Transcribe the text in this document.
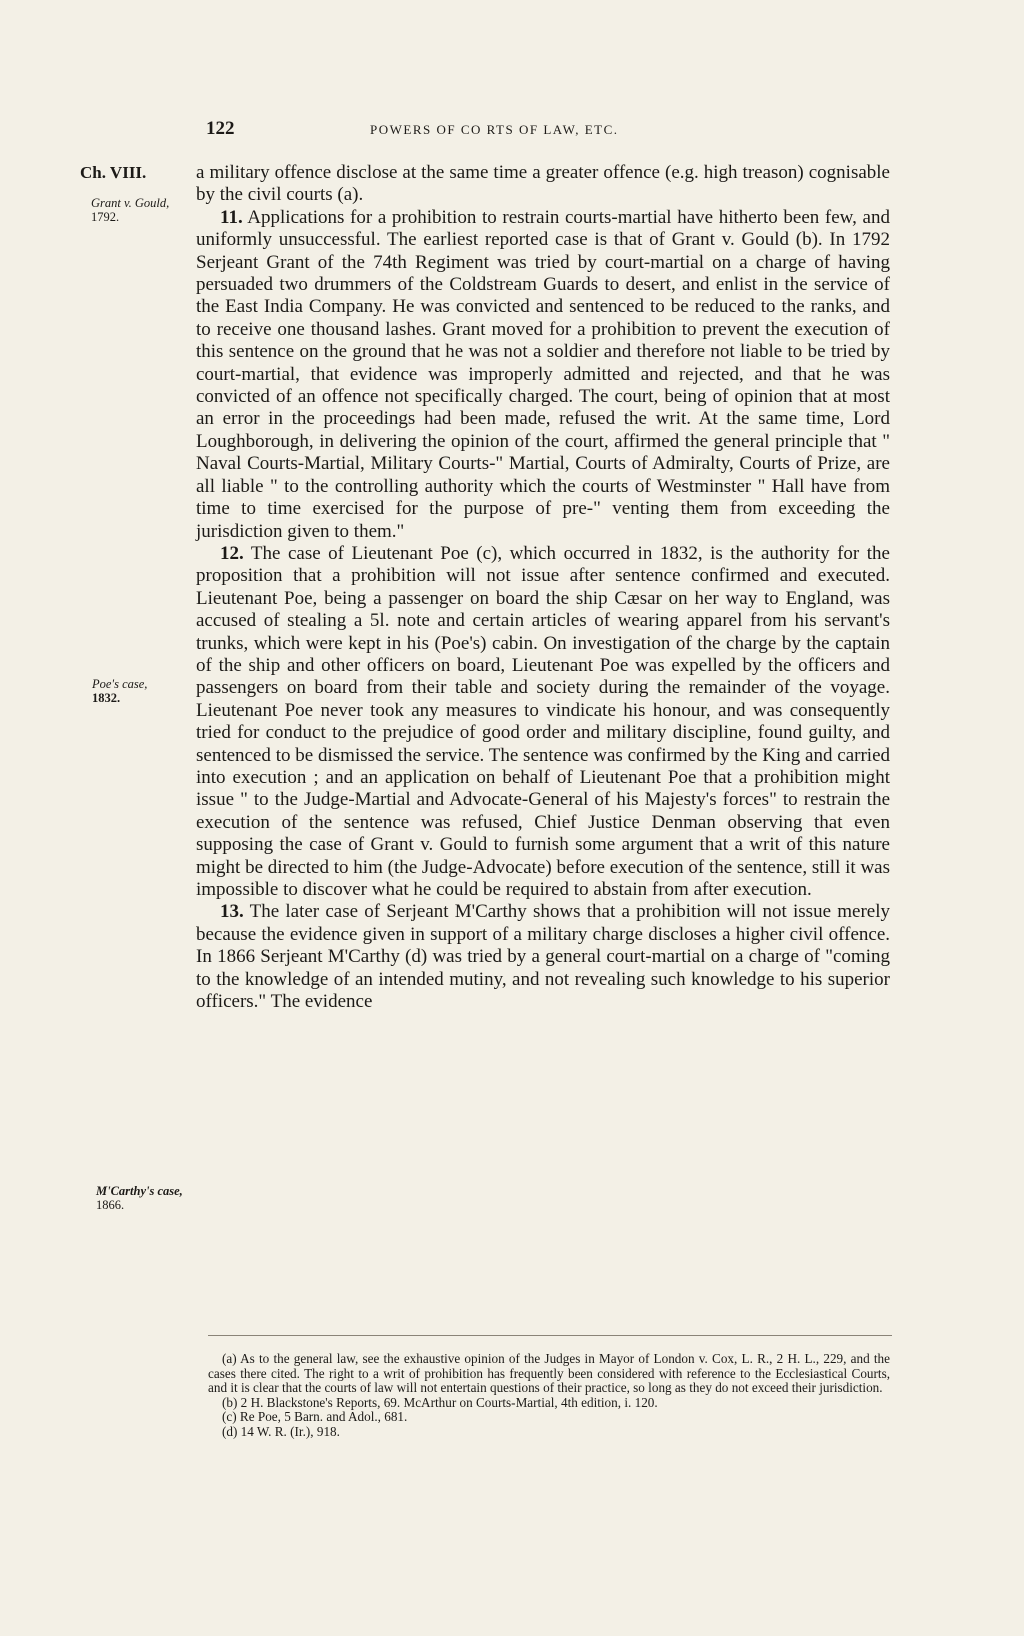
122	POWERS OF CO RTS OF LAW, ETC.
Ch. VIII.
Grant v. Gould,
1792.
Poe's case,
1832.
M'Carthy's case,
1866.

a military offence disclose at the same time a greater offence (e.g. high treason) cognisable by the civil courts (a).

11. Applications for a prohibition to restrain courts-martial have hitherto been few, and uniformly unsuccessful. The earliest reported case is that of Grant v. Gould (b). In 1792 Serjeant Grant of the 74th Regiment was tried by court-martial on a charge of having persuaded two drummers of the Coldstream Guards to desert, and enlist in the service of the East India Company. He was convicted and sentenced to be reduced to the ranks, and to receive one thousand lashes. Grant moved for a prohibition to prevent the execution of this sentence on the ground that he was not a soldier and therefore not liable to be tried by court-martial, that evidence was improperly admitted and rejected, and that he was convicted of an offence not specifically charged. The court, being of opinion that at most an error in the proceedings had been made, refused the writ. At the same time, Lord Loughborough, in delivering the opinion of the court, affirmed the general principle that " Naval Courts-Martial, Military Courts-" Martial, Courts of Admiralty, Courts of Prize, are all liable " to the controlling authority which the courts of Westminster " Hall have from time to time exercised for the purpose of pre-" venting them from exceeding the jurisdiction given to them."

12. The case of Lieutenant Poe (c), which occurred in 1832, is the authority for the proposition that a prohibition will not issue after sentence confirmed and executed. Lieutenant Poe, being a passenger on board the ship Cæsar on her way to England, was accused of stealing a 5l. note and certain articles of wearing apparel from his servant's trunks, which were kept in his (Poe's) cabin. On investigation of the charge by the captain of the ship and other officers on board, Lieutenant Poe was expelled by the officers and passengers on board from their table and society during the remainder of the voyage. Lieutenant Poe never took any measures to vindicate his honour, and was consequently tried for conduct to the prejudice of good order and military discipline, found guilty, and sentenced to be dismissed the service. The sentence was confirmed by the King and carried into execution ; and an application on behalf of Lieutenant Poe that a prohibition might issue " to the Judge-Martial and Advocate-General of his Majesty's forces" to restrain the execution of the sentence was refused, Chief Justice Denman observing that even supposing the case of Grant v. Gould to furnish some argument that a writ of this nature might be directed to him (the Judge-Advocate) before execution of the sentence, still it was impossible to discover what he could be required to abstain from after execution.

13. The later case of Serjeant M'Carthy shows that a prohibition will not issue merely because the evidence given in support of a military charge discloses a higher civil offence. In 1866 Serjeant M'Carthy (d) was tried by a general court-martial on a charge of "coming to the knowledge of an intended mutiny, and not revealing such knowledge to his superior officers." The evidence

(a) As to the general law, see the exhaustive opinion of the Judges in Mayor of London v. Cox, L. R., 2 H. L., 229, and the cases there cited. The right to a writ of prohibition has frequently been considered with reference to the Ecclesiastical Courts, and it is clear that the courts of law will not entertain questions of their practice, so long as they do not exceed their jurisdiction.

(b) 2 H. Blackstone's Reports, 69. McArthur on Courts-Martial, 4th edition, i. 120.

(c) Re Poe, 5 Barn. and Adol., 681.

(d) 14 W. R. (Ir.), 918.
